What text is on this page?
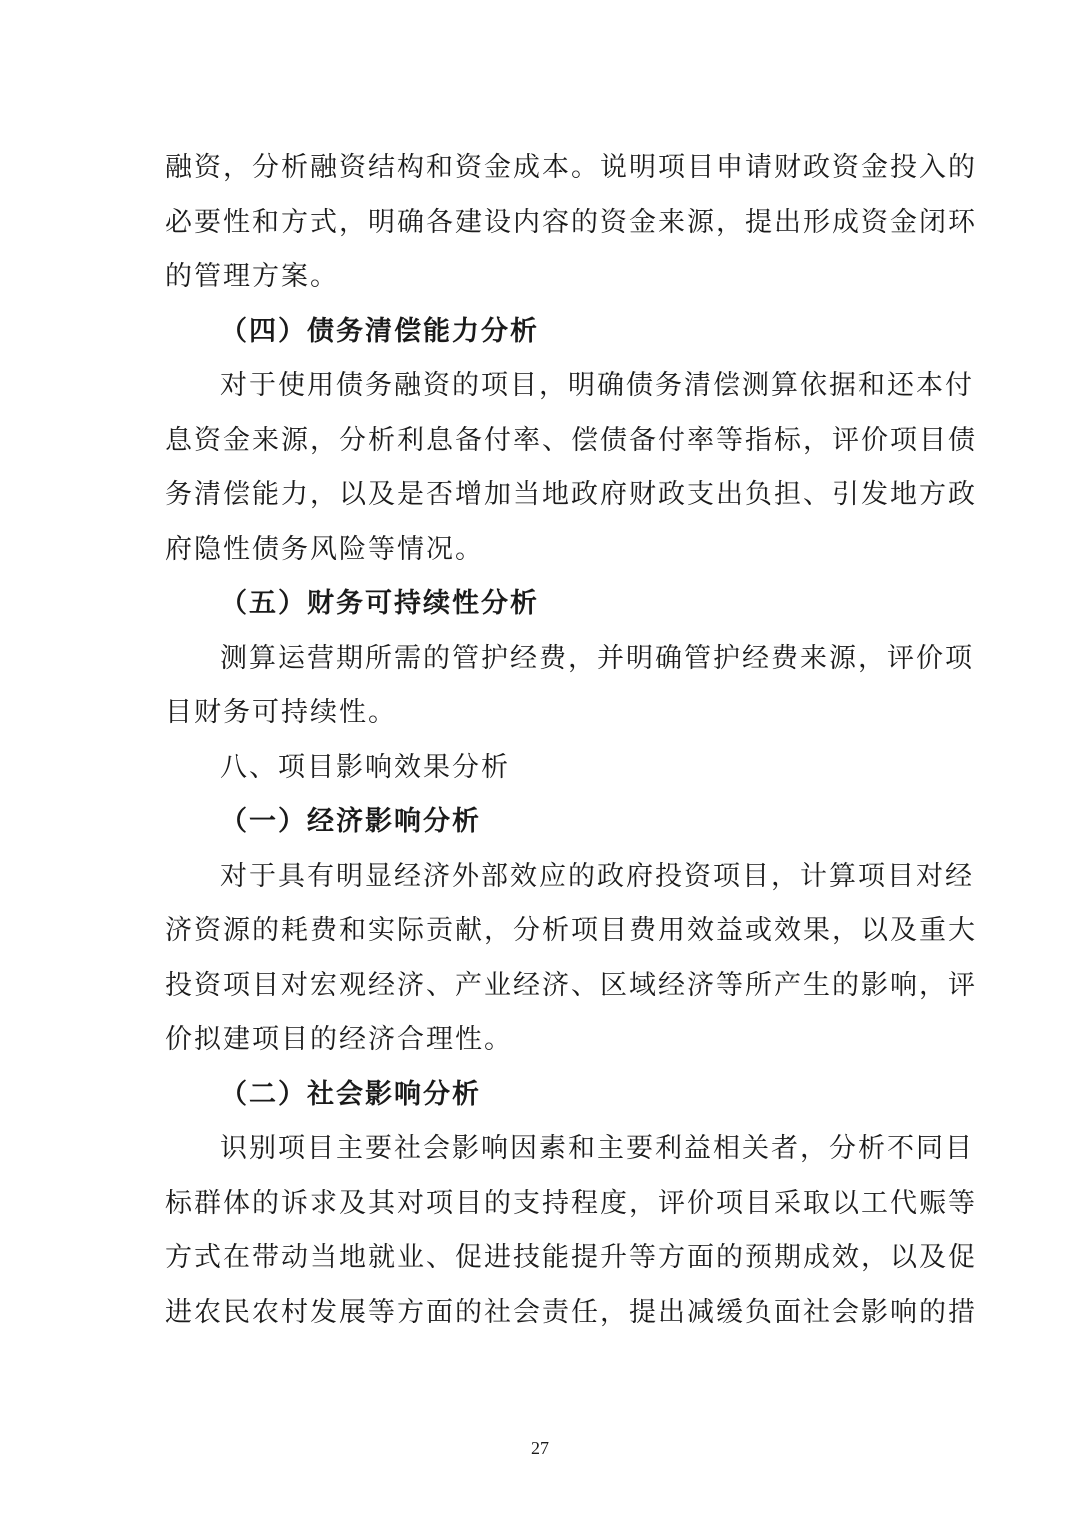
融资，分析融资结构和资金成本。说明项目申请财政资金投入的
必要性和方式，明确各建设内容的资金来源，提出形成资金闭环
的管理方案。
（四）债务清偿能力分析
对于使用债务融资的项目，明确债务清偿测算依据和还本付
息资金来源，分析利息备付率、偿债备付率等指标，评价项目债
务清偿能力，以及是否增加当地政府财政支出负担、引发地方政
府隐性债务风险等情况。
（五）财务可持续性分析
测算运营期所需的管护经费，并明确管护经费来源，评价项
目财务可持续性。
八、项目影响效果分析
（一）经济影响分析
对于具有明显经济外部效应的政府投资项目，计算项目对经
济资源的耗费和实际贡献，分析项目费用效益或效果，以及重大
投资项目对宏观经济、产业经济、区域经济等所产生的影响，评
价拟建项目的经济合理性。
（二）社会影响分析
识别项目主要社会影响因素和主要利益相关者，分析不同目
标群体的诉求及其对项目的支持程度，评价项目采取以工代赈等
方式在带动当地就业、促进技能提升等方面的预期成效，以及促
进农民农村发展等方面的社会责任，提出减缓负面社会影响的措
27
